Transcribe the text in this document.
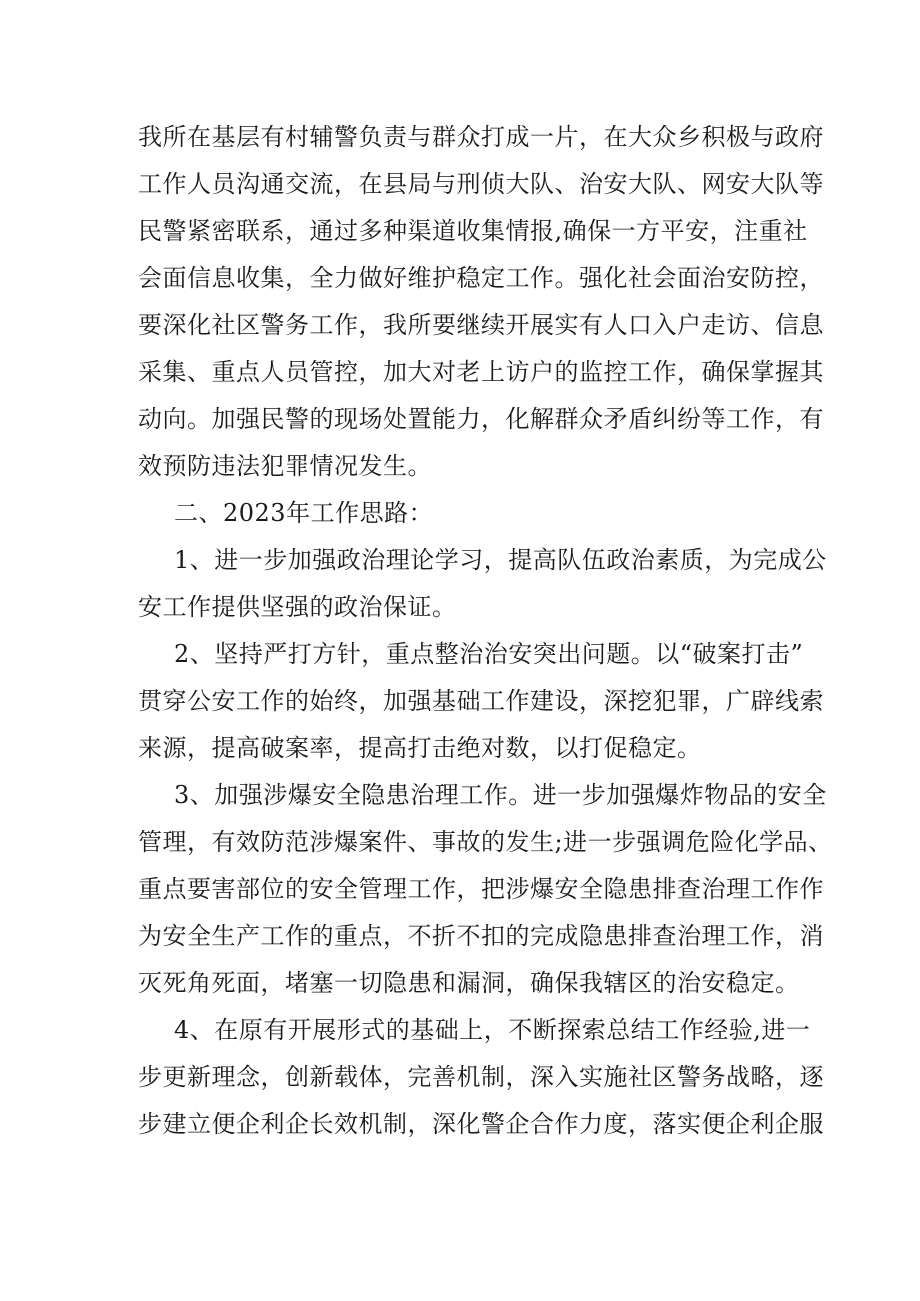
我所在基层有村辅警负责与群众打成一片，在大众乡积极与政府
工作人员沟通交流，在县局与刑侦大队、治安大队、网安大队等
民警紧密联系，通过多种渠道收集情报,确保一方平安，注重社
会面信息收集，全力做好维护稳定工作。强化社会面治安防控，
要深化社区警务工作，我所要继续开展实有人口入户走访、信息
采集、重点人员管控，加大对老上访户的监控工作，确保掌握其
动向。加强民警的现场处置能力，化解群众矛盾纠纷等工作，有
效预防违法犯罪情况发生。
二、2023年工作思路：
1、进一步加强政治理论学习，提高队伍政治素质，为完成公
安工作提供坚强的政治保证。
2、坚持严打方针，重点整治治安突出问题。以“破案打击”
贯穿公安工作的始终，加强基础工作建设，深挖犯罪，广辟线索
来源，提高破案率，提高打击绝对数，以打促稳定。
3、加强涉爆安全隐患治理工作。进一步加强爆炸物品的安全
管理，有效防范涉爆案件、事故的发生;进一步强调危险化学品、
重点要害部位的安全管理工作，把涉爆安全隐患排查治理工作作
为安全生产工作的重点，不折不扣的完成隐患排查治理工作，消
灭死角死面，堵塞一切隐患和漏洞，确保我辖区的治安稳定。
4、在原有开展形式的基础上，不断探索总结工作经验,进一
步更新理念，创新载体，完善机制，深入实施社区警务战略，逐
步建立便企利企长效机制，深化警企合作力度，落实便企利企服
